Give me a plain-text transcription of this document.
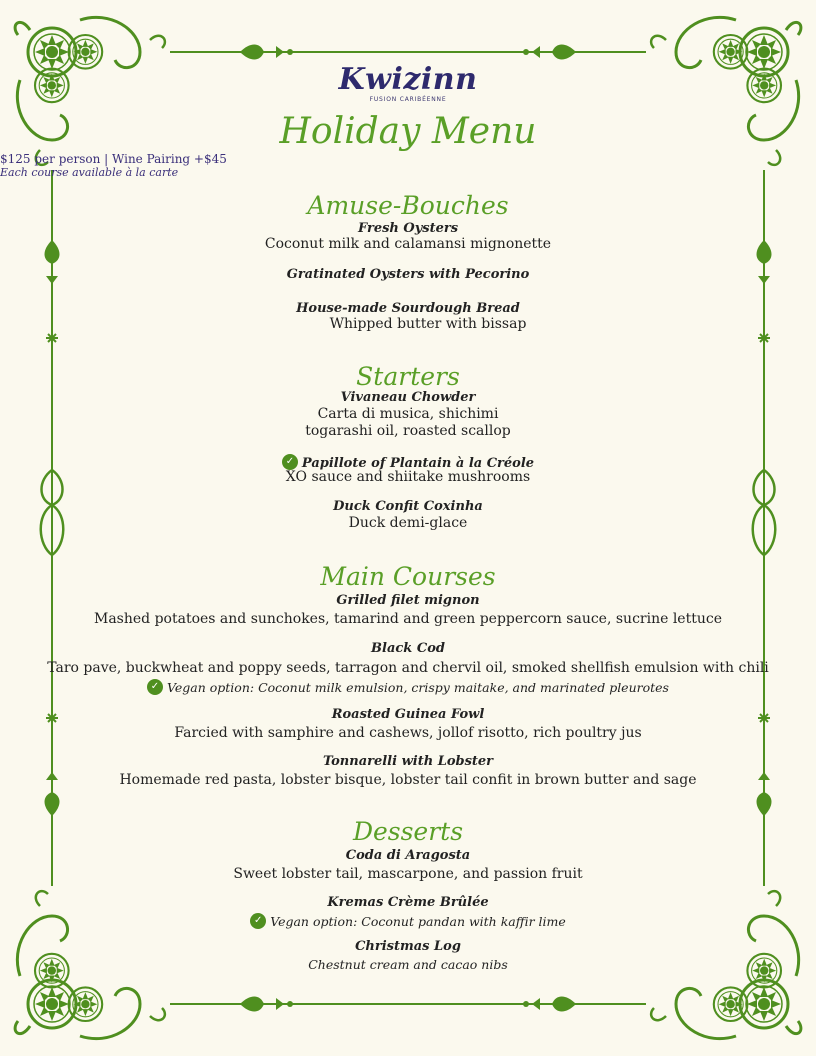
Kwizinn
FUSION CARIBÉENNE
Holiday Menu
$125 per person | Wine Pairing +$45
Each course available à la carte
Amuse-Bouches
Fresh Oysters
Coconut milk and calamansi mignonette
Gratinated Oysters with Pecorino
House-made Sourdough Bread
Whipped butter with bissap
Starters
Vivaneau Chowder
Carta di musica, shichimi
togarashi oil, roasted scallop
✓ Papillote of Plantain à la Créole
XO sauce and shiitake mushrooms
Duck Confit Coxinha
Duck demi-glace
Main Courses
Grilled filet mignon
Mashed potatoes and sunchokes, tamarind and green peppercorn sauce, sucrine lettuce
Black Cod
Taro pave, buckwheat and poppy seeds, tarragon and chervil oil, smoked shellfish emulsion with chili
✓ Vegan option: Coconut milk emulsion, crispy maitake, and marinated pleurotes
Roasted Guinea Fowl
Farcied with samphire and cashews, jollof risotto, rich poultry jus
Tonnarelli with Lobster
Homemade red pasta, lobster bisque, lobster tail confit in brown butter and sage
Desserts
Coda di Aragosta
Sweet lobster tail, mascarpone, and passion fruit
Kremas Crème Brûlée
✓ Vegan option: Coconut pandan with kaffir lime
Christmas Log
Chestnut cream and cacao nibs
